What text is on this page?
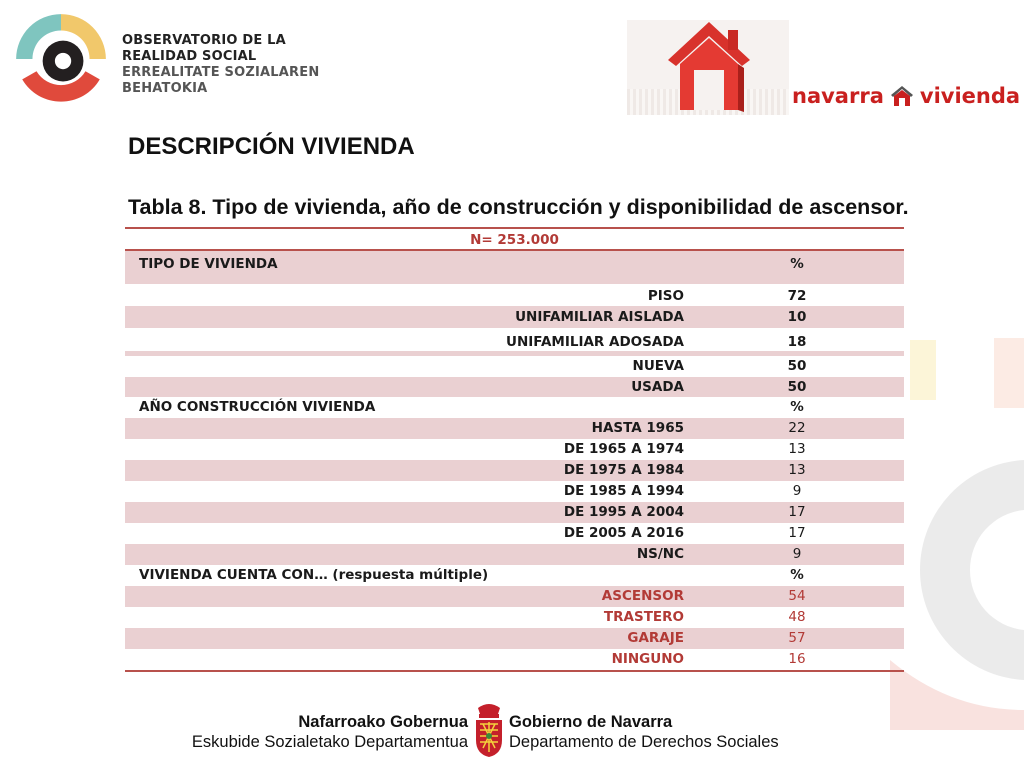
OBSERVATORIO DE LA
REALIDAD SOCIAL
ERREALITATE SOZIALAREN
BEHATOKIA	navarra vivienda
DESCRIPCIÓN VIVIENDA
Tabla 8. Tipo de vivienda, año de construcción y disponibilidad de ascensor.
N= 253.000
TIPO DE VIVIENDA	%
PISO	72
UNIFAMILIAR AISLADA	10
UNIFAMILIAR ADOSADA	18
NUEVA	50
USADA	50
AÑO CONSTRUCCIÓN VIVIENDA	%
HASTA 1965	22
DE 1965 A 1974	13
DE 1975 A 1984	13
DE 1985 A 1994	9
DE 1995 A 2004	17
DE 2005 A 2016	17
NS/NC	9
VIVIENDA CUENTA CON… (respuesta múltiple)	%
ASCENSOR	54
TRASTERO	48
GARAJE	57
NINGUNO	16
Nafarroako Gobernua
Eskubide Sozialetako Departamentua
Gobierno de Navarra
Departamento de Derechos Sociales
